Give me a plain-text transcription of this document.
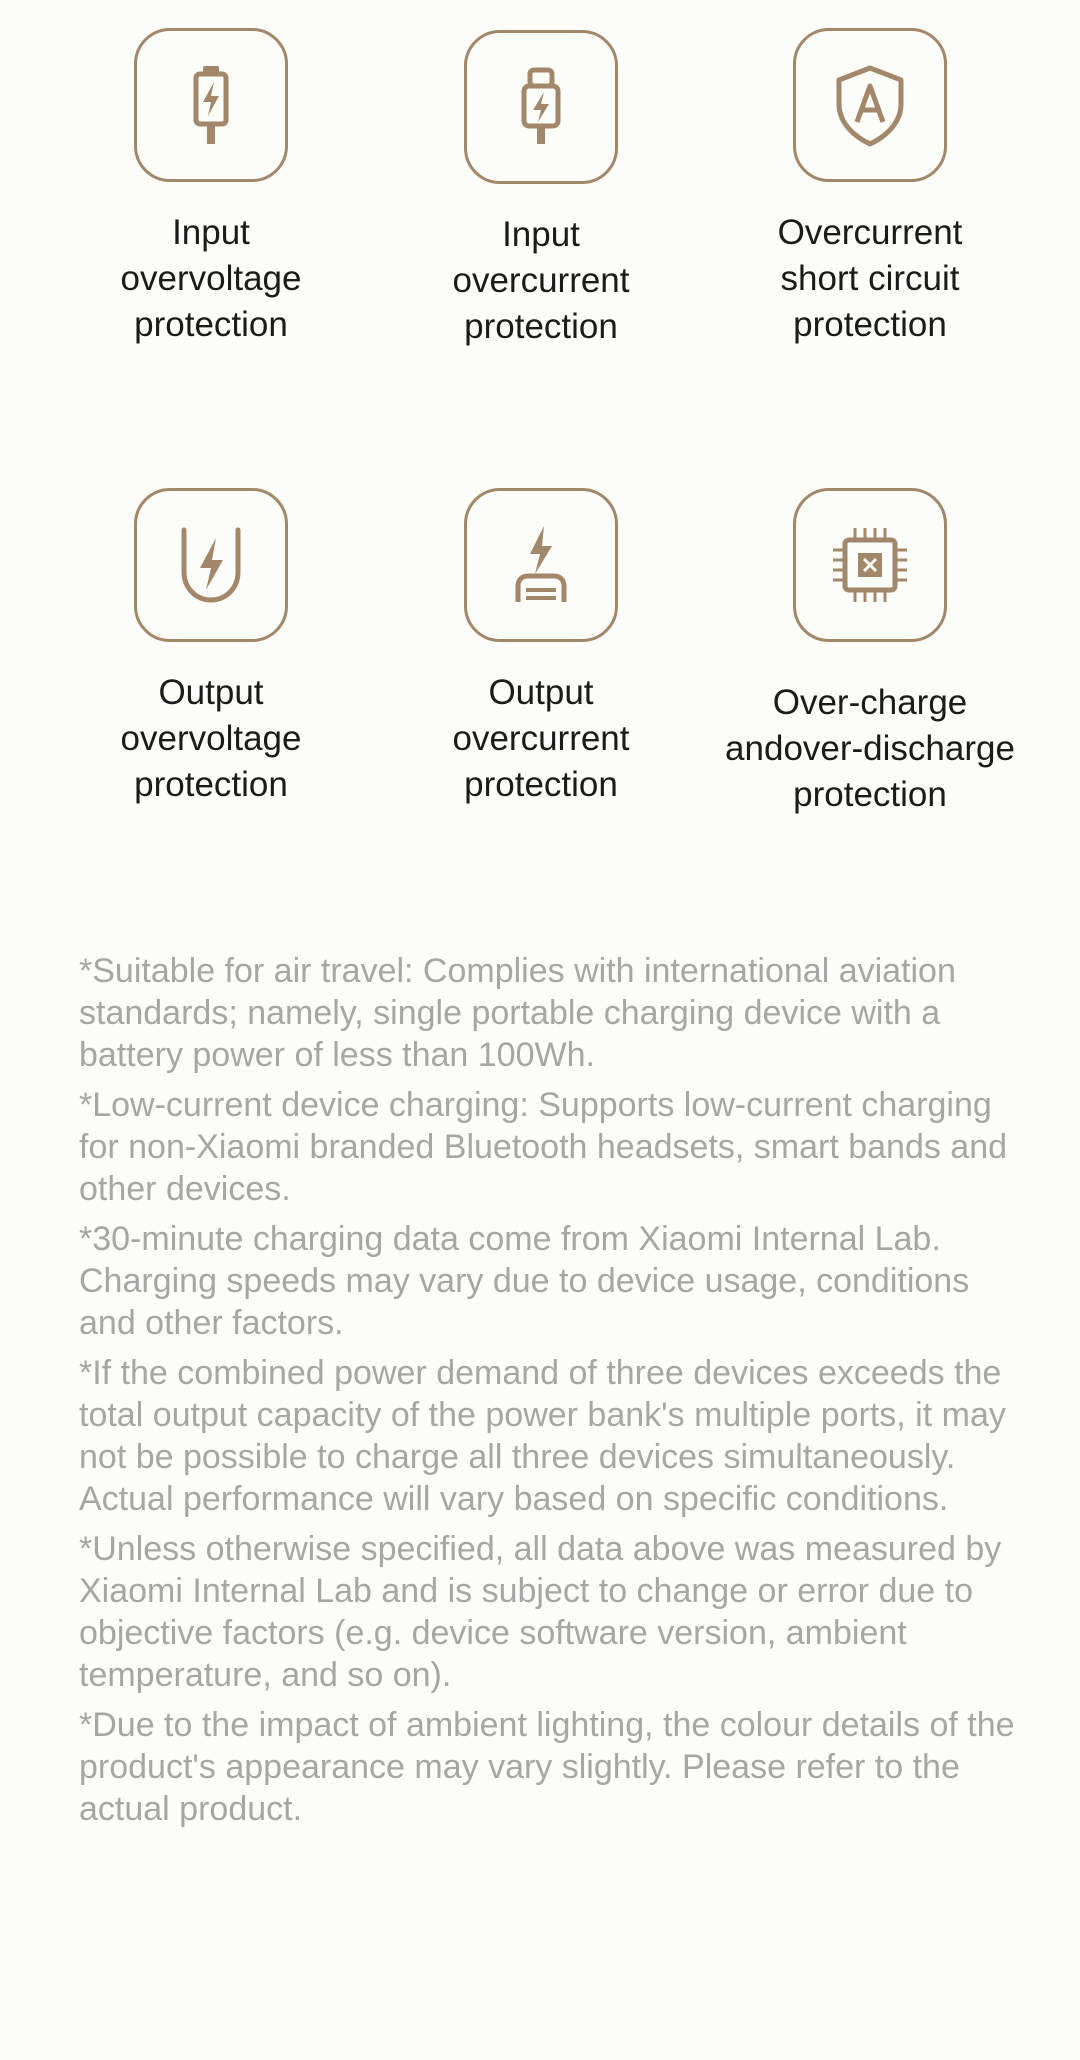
Input
overvoltage
protection
Input
overcurrent
protection
Overcurrent
short circuit
protection
Output
overvoltage
protection
Output
overcurrent
protection
Over-charge
andover-discharge
protection

*Suitable for air travel: Complies with international aviation standards; namely, single portable charging device with a battery power of less than 100Wh.

*Low-current device charging: Supports low-current charging for non-Xiaomi branded Bluetooth headsets, smart bands and other devices.

*30-minute charging data come from Xiaomi Internal Lab. Charging speeds may vary due to device usage, conditions and other factors.

*If the combined power demand of three devices exceeds the total output capacity of the power bank's multiple ports, it may not be possible to charge all three devices simultaneously. Actual performance will vary based on specific conditions.

*Unless otherwise specified, all data above was measured by Xiaomi Internal Lab and is subject to change or error due to objective factors (e.g. device software version, ambient temperature, and so on).

*Due to the impact of ambient lighting, the colour details of the product's appearance may vary slightly. Please refer to the actual product.
